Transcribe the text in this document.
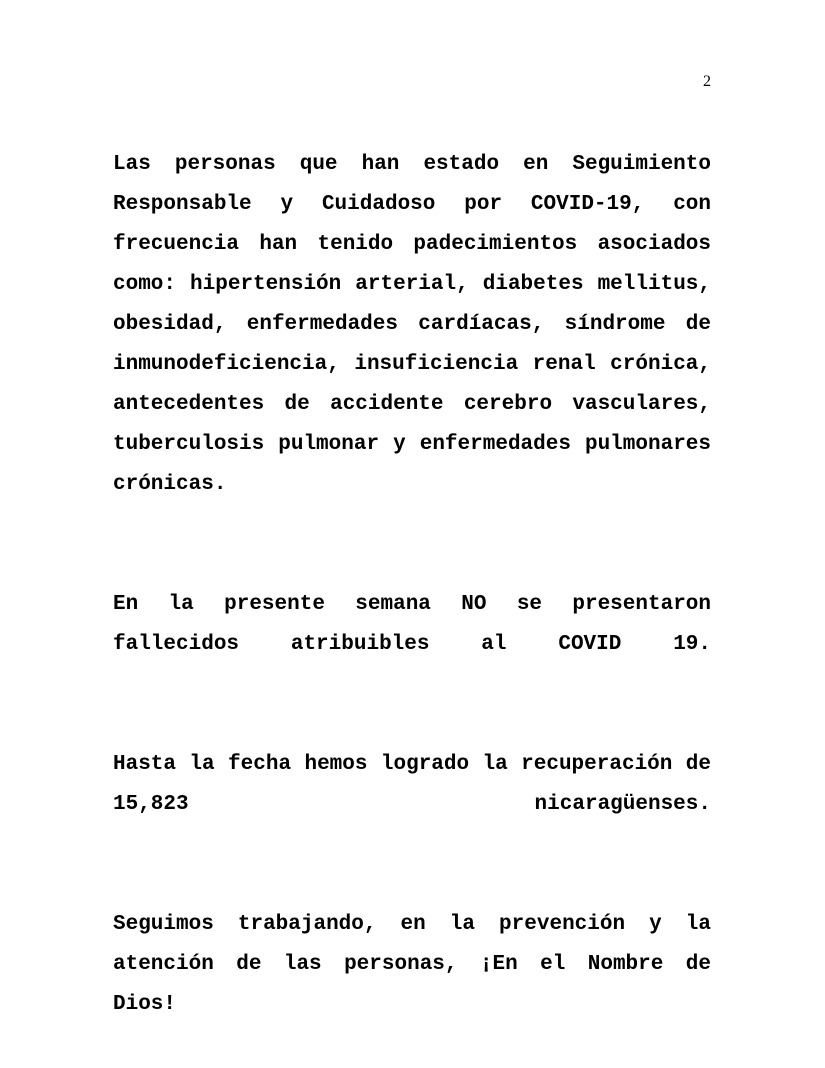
2

Las personas que han estado en Seguimiento Responsable y Cuidadoso por COVID-19, con frecuencia han tenido padecimientos asociados como: hipertensión arterial, diabetes mellitus, obesidad, enfermedades cardíacas, síndrome de inmunodeficiencia, insuficiencia renal crónica, antecedentes de accidente cerebro vasculares, tuberculosis pulmonar y enfermedades pulmonares crónicas.

En la presente semana NO se presentaron fallecidos atribuibles al COVID 19.

Hasta la fecha hemos logrado la recuperación de 15,823 nicaragüenses.

Seguimos trabajando, en la prevención y la atención de las personas, ¡En el Nombre de Dios!
